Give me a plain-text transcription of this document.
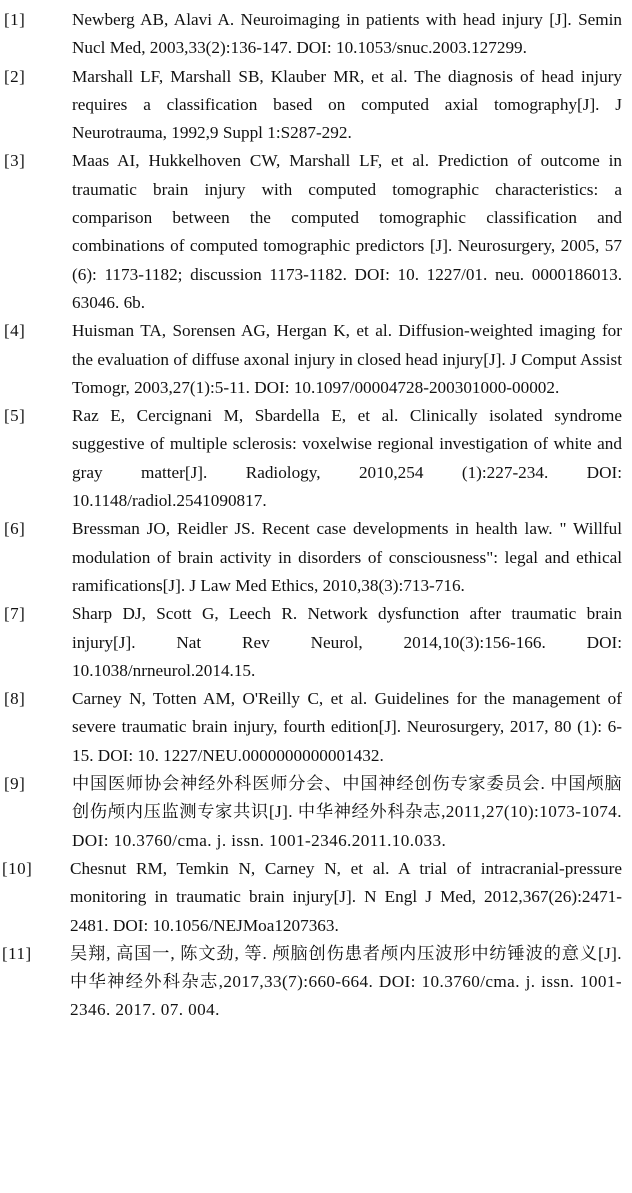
[1]	Newberg AB, Alavi A. Neuroimaging in patients with head injury [J]. Semin Nucl Med, 2003,33(2):136-147. DOI: 10.1053/snuc.2003.127299.
[2]	Marshall LF, Marshall SB, Klauber MR, et al. The diagnosis of head injury requires a classification based on computed axial tomography[J]. J Neurotrauma, 1992,9 Suppl 1:S287-292.
[3]	Maas AI, Hukkelhoven CW, Marshall LF, et al. Prediction of outcome in traumatic brain injury with computed tomographic characteristics: a comparison between the computed tomographic classification and combinations of computed tomographic predictors [J]. Neurosurgery, 2005, 57 (6): 1173-1182; discussion 1173-1182. DOI: 10. 1227/01. neu. 0000186013. 63046. 6b.
[4]	Huisman TA, Sorensen AG, Hergan K, et al. Diffusion-weighted imaging for the evaluation of diffuse axonal injury in closed head injury[J]. J Comput Assist Tomogr, 2003,27(1):5-11. DOI: 10.1097/00004728-200301000-00002.
[5]	Raz E, Cercignani M, Sbardella E, et al. Clinically isolated syndrome suggestive of multiple sclerosis: voxelwise regional investigation of white and gray matter[J]. Radiology, 2010,254 (1):227-234. DOI: 10.1148/radiol.2541090817.
[6]	Bressman JO, Reidler JS. Recent case developments in health law. " Willful modulation of brain activity in disorders of consciousness": legal and ethical ramifications[J]. J Law Med Ethics, 2010,38(3):713-716.
[7]	Sharp DJ, Scott G, Leech R. Network dysfunction after traumatic brain injury[J]. Nat Rev Neurol, 2014,10(3):156-166. DOI: 10.1038/nrneurol.2014.15.
[8]	Carney N, Totten AM, O'Reilly C, et al. Guidelines for the management of severe traumatic brain injury, fourth edition[J]. Neurosurgery, 2017, 80 (1): 6-15. DOI: 10. 1227/NEU.0000000000001432.
[9]	中国医师协会神经外科医师分会、中国神经创伤专家委员会. 中国颅脑创伤颅内压监测专家共识[J]. 中华神经外科杂志,2011,27(10):1073-1074. DOI: 10.3760/cma. j. issn. 1001-2346.2011.10.033.
[10]	Chesnut RM, Temkin N, Carney N, et al. A trial of intracranial-pressure monitoring in traumatic brain injury[J]. N Engl J Med, 2012,367(26):2471-2481. DOI: 10.1056/NEJMoa1207363.
[11]	吴翔, 高国一, 陈文劲, 等. 颅脑创伤患者颅内压波形中纺锤波的意义[J]. 中华神经外科杂志,2017,33(7):660-664. DOI: 10.3760/cma. j. issn. 1001-2346. 2017. 07. 004.
